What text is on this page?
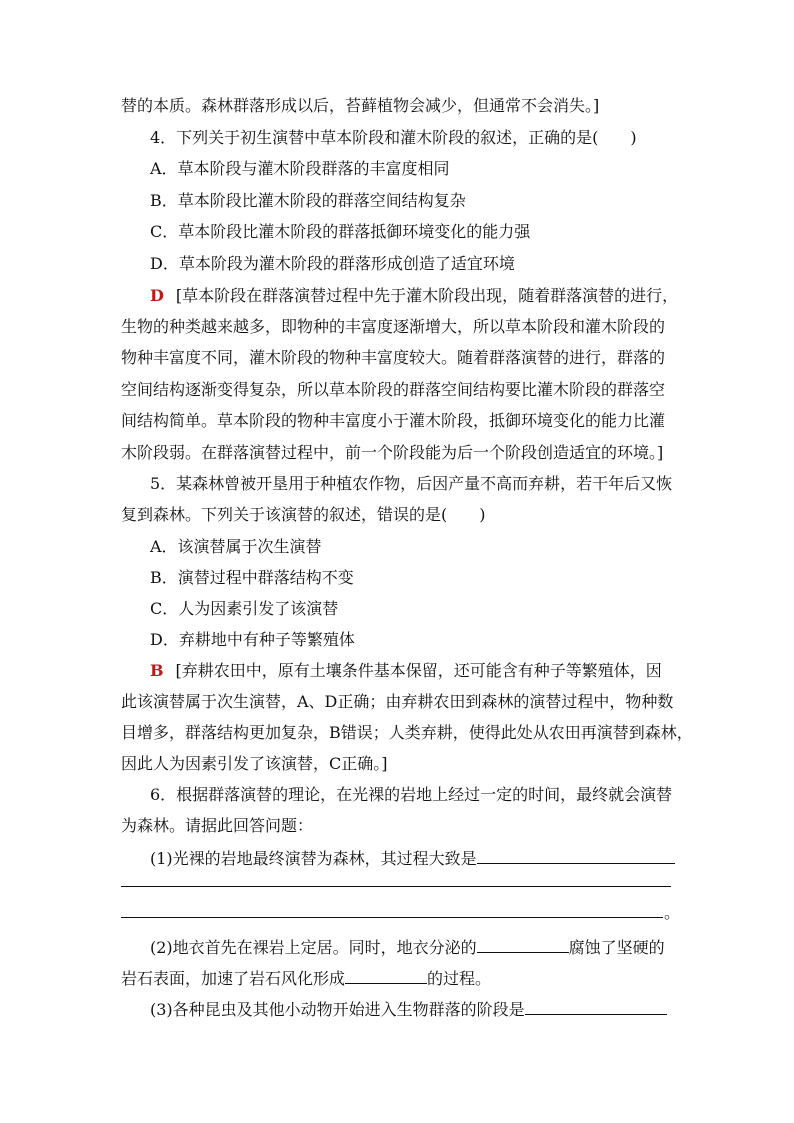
替的本质。森林群落形成以后，苔藓植物会减少，但通常不会消失。]
4．下列关于初生演替中草本阶段和灌木阶段的叙述，正确的是(　　)
A．草本阶段与灌木阶段群落的丰富度相同
B．草本阶段比灌木阶段的群落空间结构复杂
C．草本阶段比灌木阶段的群落抵御环境变化的能力强
D．草本阶段为灌木阶段的群落形成创造了适宜环境
D [草本阶段在群落演替过程中先于灌木阶段出现，随着群落演替的进行，
生物的种类越来越多，即物种的丰富度逐渐增大，所以草本阶段和灌木阶段的
物种丰富度不同，灌木阶段的物种丰富度较大。随着群落演替的进行，群落的
空间结构逐渐变得复杂，所以草本阶段的群落空间结构要比灌木阶段的群落空
间结构简单。草本阶段的物种丰富度小于灌木阶段，抵御环境变化的能力比灌
木阶段弱。在群落演替过程中，前一个阶段能为后一个阶段创造适宜的环境。]
5．某森林曾被开垦用于种植农作物，后因产量不高而弃耕，若干年后又恢
复到森林。下列关于该演替的叙述，错误的是(　　)
A．该演替属于次生演替
B．演替过程中群落结构不变
C．人为因素引发了该演替
D．弃耕地中有种子等繁殖体
B [弃耕农田中，原有土壤条件基本保留，还可能含有种子等繁殖体，因
此该演替属于次生演替，A、D正确；由弃耕农田到森林的演替过程中，物种数
目增多，群落结构更加复杂，B错误；人类弃耕，使得此处从农田再演替到森林，
因此人为因素引发了该演替，C正确。]
6．根据群落演替的理论，在光裸的岩地上经过一定的时间，最终就会演替
为森林。请据此回答问题：
(1)光裸的岩地最终演替为森林，其过程大致是
。
(2)地衣首先在裸岩上定居。同时，地衣分泌的	腐蚀了坚硬的
岩石表面，加速了岩石风化形成	的过程。
(3)各种昆虫及其他小动物开始进入生物群落的阶段是
